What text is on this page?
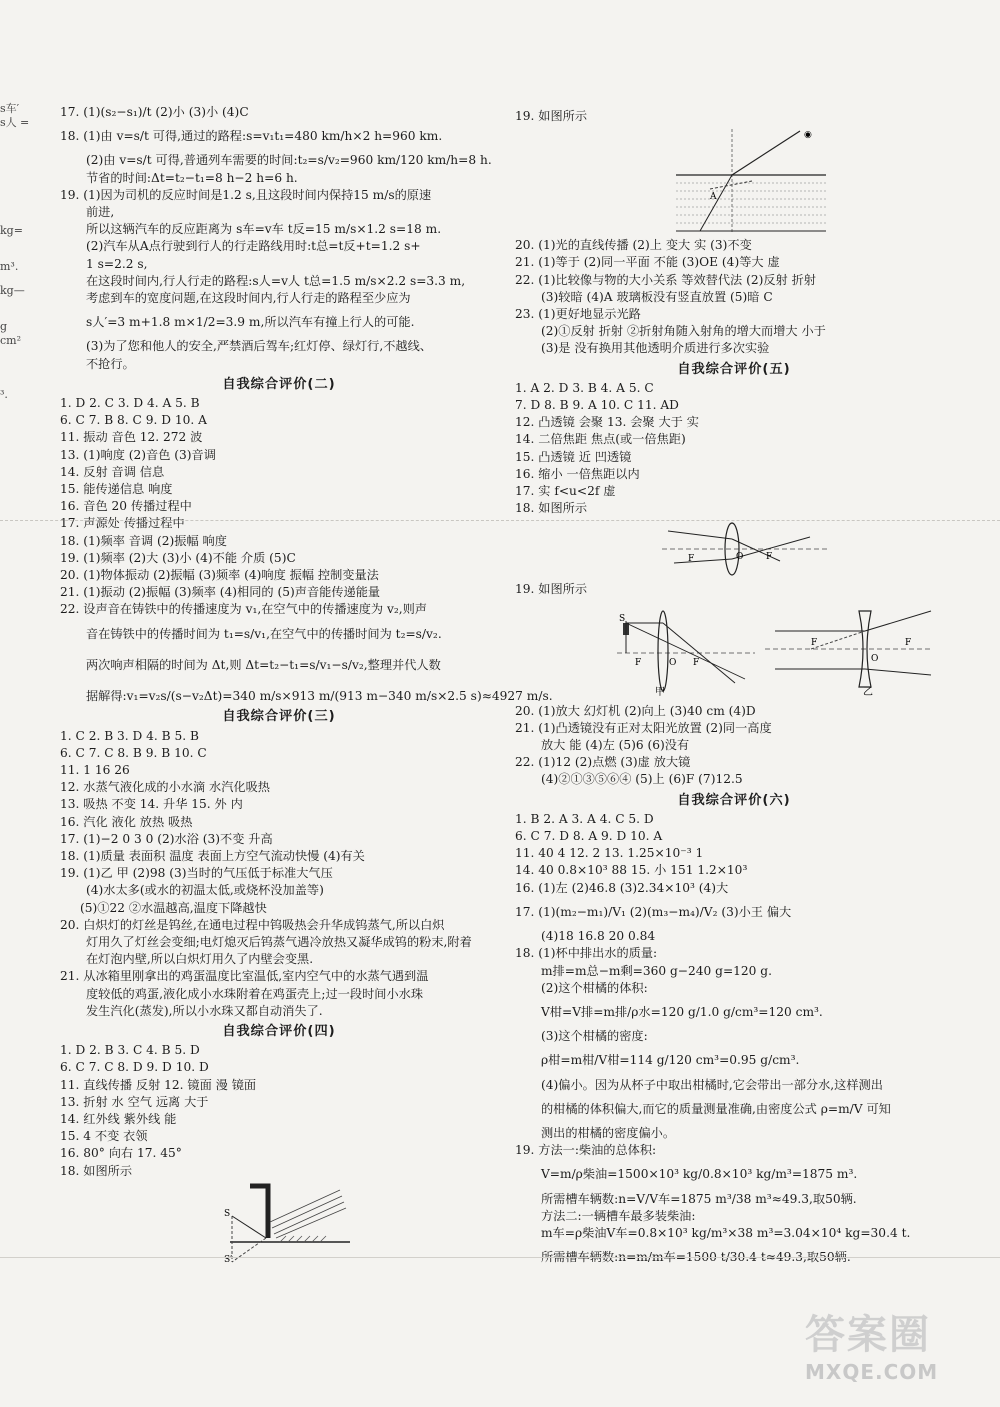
s车′
s人 =
kg=
m³.
kg—
g
cm²
³.
17. (1)(s₂−s₁)/t (2)小 (3)小 (4)C
18. (1)由 v=s/t 可得,通过的路程:s=v₁t₁=480 km/h×2 h=960 km.
(2)由 v=s/t 可得,普通列车需要的时间:t₂=s/v₂=960 km/120 km/h=8 h.
节省的时间:Δt=t₂−t₁=8 h−2 h=6 h.
19. (1)因为司机的反应时间是1.2 s,且这段时间内保持15 m/s的原速
前进,
所以这辆汽车的反应距离为 s车=v车 t反=15 m/s×1.2 s=18 m.
(2)汽车从A点行驶到行人的行走路线用时:t总=t反+t=1.2 s+
1 s=2.2 s,
在这段时间内,行人行走的路程:s人=v人 t总=1.5 m/s×2.2 s=3.3 m,
考虑到车的宽度问题,在这段时间内,行人行走的路程至少应为
s人′=3 m+1.8 m×1/2=3.9 m,所以汽车有撞上行人的可能.
(3)为了您和他人的安全,严禁酒后驾车;红灯停、绿灯行,不越线、
不抢行。
自我综合评价(二)
1. D 2. C 3. D 4. A 5. B
6. C 7. B 8. C 9. D 10. A
11. 振动 音色 12. 272 波
13. (1)响度 (2)音色 (3)音调
14. 反射 音调 信息
15. 能传递信息 响度
16. 音色 20 传播过程中
17. 声源处 传播过程中
18. (1)频率 音调 (2)振幅 响度
19. (1)频率 (2)大 (3)小 (4)不能 介质 (5)C
20. (1)物体振动 (2)振幅 (3)频率 (4)响度 振幅 控制变量法
21. (1)振动 (2)振幅 (3)频率 (4)相同的 (5)声音能传递能量
22. 设声音在铸铁中的传播速度为 v₁,在空气中的传播速度为 v₂,则声
音在铸铁中的传播时间为 t₁=s/v₁,在空气中的传播时间为 t₂=s/v₂.
两次响声相隔的时间为 Δt,则 Δt=t₂−t₁=s/v₁−s/v₂,整理并代人数
据解得:v₁=v₂s/(s−v₂Δt)=340 m/s×913 m/(913 m−340 m/s×2.5 s)≈4927 m/s.
自我综合评价(三)
1. C 2. B 3. D 4. B 5. B
6. C 7. C 8. B 9. B 10. C
11. 1 16 26
12. 水蒸气液化成的小水滴 水汽化吸热
13. 吸热 不变 14. 升华 15. 外 内
16. 汽化 液化 放热 吸热
17. (1)−2 0 3 0 (2)水浴 (3)不变 升高
18. (1)质量 表面积 温度 表面上方空气流动快慢 (4)有关
19. (1)乙 甲 (2)98 (3)当时的气压低于标准大气压
(4)水太多(或水的初温太低,或烧杯没加盖等)
(5)①22 ②水温越高,温度下降越快
20. 白炽灯的灯丝是钨丝,在通电过程中钨吸热会升华成钨蒸气,所以白炽
灯用久了灯丝会变细;电灯熄灭后钨蒸气遇冷放热又凝华成钨的粉末,附着
在灯泡内壁,所以白炽灯用久了内壁会变黑.
21. 从冰箱里刚拿出的鸡蛋温度比室温低,室内空气中的水蒸气遇到温
度较低的鸡蛋,液化成小水珠附着在鸡蛋壳上;过一段时间小水珠
发生汽化(蒸发),所以小水珠又都自动消失了.
自我综合评价(四)
1. D 2. B 3. C 4. B 5. D
6. C 7. C 8. D 9. D 10. D
11. 直线传播 反射 12. 镜面 漫 镜面
13. 折射 水 空气 远离 大于
14. 红外线 紫外线 能
15. 4 不变 衣领
16. 80° 向右 17. 45°
18. 如图所示
S
S′
19. 如图所示
A
◉
20. (1)光的直线传播 (2)上 变大 实 (3)不变
21. (1)等于 (2)同一平面 不能 (3)OE (4)等大 虚
22. (1)比较像与物的大小关系 等效替代法 (2)反射 折射
(3)较暗 (4)A 玻璃板没有竖直放置 (5)暗 C
23. (1)更好地显示光路
(2)①反射 折射 ②折射角随入射角的增大而增大 小于
(3)是 没有换用其他透明介质进行多次实验
自我综合评价(五)
1. A 2. D 3. B 4. A 5. C
7. D 8. B 9. A 10. C 11. AD
12. 凸透镜 会聚 13. 会聚 大于 实
14. 二倍焦距 焦点(或一倍焦距)
15. 凸透镜 近 凹透镜
16. 缩小 一倍焦距以内
17. 实 f<u<2f 虚
18. 如图所示
F	O	F
19. 如图所示
S
F	O F
甲
F
O
F
乙
20. (1)放大 幻灯机 (2)向上 (3)40 cm (4)D
21. (1)凸透镜没有正对太阳光放置 (2)同一高度
放大 能 (4)左 (5)6 (6)没有
22. (1)12 (2)点燃 (3)虚 放大镜
(4)②①③⑤⑥④ (5)上 (6)F (7)12.5
自我综合评价(六)
1. B 2. A 3. A 4. C 5. D
6. C 7. D 8. A 9. D 10. A
11. 40 4 12. 2 13. 1.25×10⁻³ 1
14. 40 0.8×10³ 88 15. 小 151 1.2×10³
16. (1)左 (2)46.8 (3)2.34×10³ (4)大
17. (1)(m₂−m₁)/V₁ (2)(m₃−m₄)/V₂ (3)小王 偏大
(4)18 16.8 20 0.84
18. (1)杯中排出水的质量:
m排=m总−m剩=360 g−240 g=120 g.
(2)这个柑橘的体积:
V柑=V排=m排/ρ水=120 g/1.0 g/cm³=120 cm³.
(3)这个柑橘的密度:
ρ柑=m柑/V柑=114 g/120 cm³=0.95 g/cm³.
(4)偏小。因为从杯子中取出柑橘时,它会带出一部分水,这样测出
的柑橘的体积偏大,而它的质量测量准确,由密度公式 ρ=m/V 可知
测出的柑橘的密度偏小。
19. 方法一:柴油的总体积:
V=m/ρ柴油=1500×10³ kg/0.8×10³ kg/m³=1875 m³.
所需槽车辆数:n=V/V车=1875 m³/38 m³≈49.3,取50辆.
方法二:一辆槽车最多装柴油:
m车=ρ柴油V车=0.8×10³ kg/m³×38 m³=3.04×10⁴ kg=30.4 t.
所需槽车辆数:n=m/m车=1500 t/30.4 t≈49.3,取50辆.
答案圈
MXQE.COM
